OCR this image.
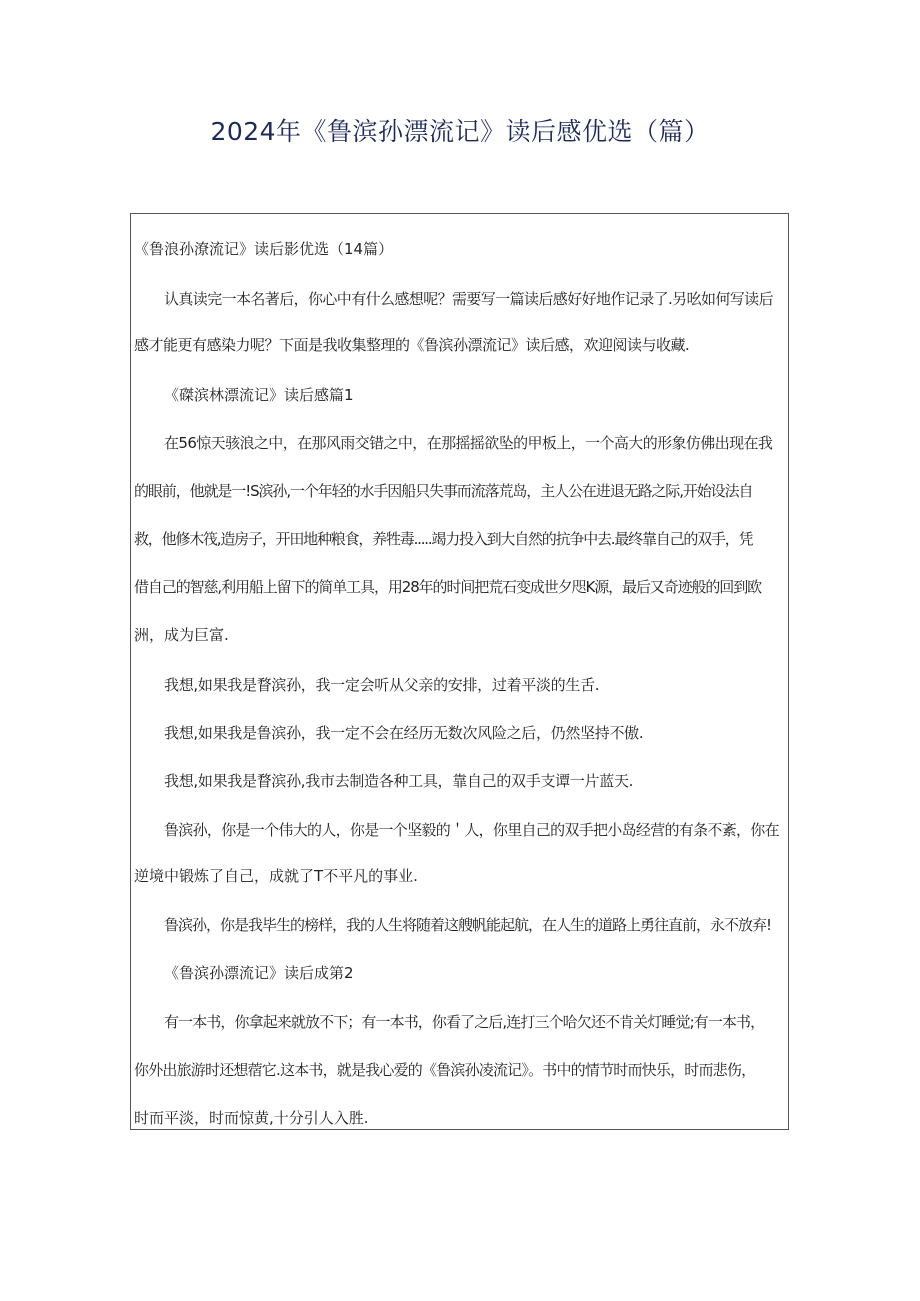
2024年《鲁滨孙漂流记》读后感优选（篇）
《鲁浪孙潦流记》读后影优选（14篇）
认真读完一本名著后，你心中有什么感想呢？需要写一篇读后感好好地作记录了.另吆如何写读后
感才能更有感染力呢？下面是我收集整理的《鲁滨孙漂流记》读后感，欢迎阅读与收藏.
《磔滨林漂流记》读后感篇1
在56惊天骇浪之中，在那风雨交错之中，在那摇摇欲坠的甲板上，一个高大的形象仿佛出现在我
的眼前，他就是一!S滨孙,一个年轻的水手因船只失事而流落荒岛，主人公在进退无路之际,开始设法自
救，他修木筏,造房子，开田地种粮食，养牲毒.....竭力投入到大自然的抗争中去.最终靠自己的双手，凭
借自己的智慈,利用船上留下的简单工具，用28年的时间把荒石变成世夕咫K源，最后又奇迹般的回到欧
洲，成为巨富.
我想,如果我是瞀滨孙，我一定会听从父亲的安排，过着平淡的生舌.
我想,如果我是鲁滨孙，我一定不会在经历无数次风险之后，仍然坚持不傲.
我想,如果我是瞀滨孙,我市去制造各种工具，靠自己的双手支谭一片蓝天.
鲁滨孙，你是一个伟大的人，你是一个坚毅的＇人，你里自己的双手把小岛经营的有条不紊，你在
逆境中锻炼了自己，成就了T不平凡的事业.
鲁滨孙，你是我毕生的榜样，我的人生将随着这艘帆能起航，在人生的道路上勇往直前，永不放弃!
《鲁滨孙漂流记》读后成第2
有一本书，你拿起来就放不下；有一本书，你看了之后,连打三个哈欠还不肯关灯睡觉;有一本书，
你外出旅游时还想蓿它.这本书，就是我心爱的《鲁滨孙凌流记》。书中的情节时而快乐，时而悲伤，
时而平淡，时而惊黄,十分引人入胜.
